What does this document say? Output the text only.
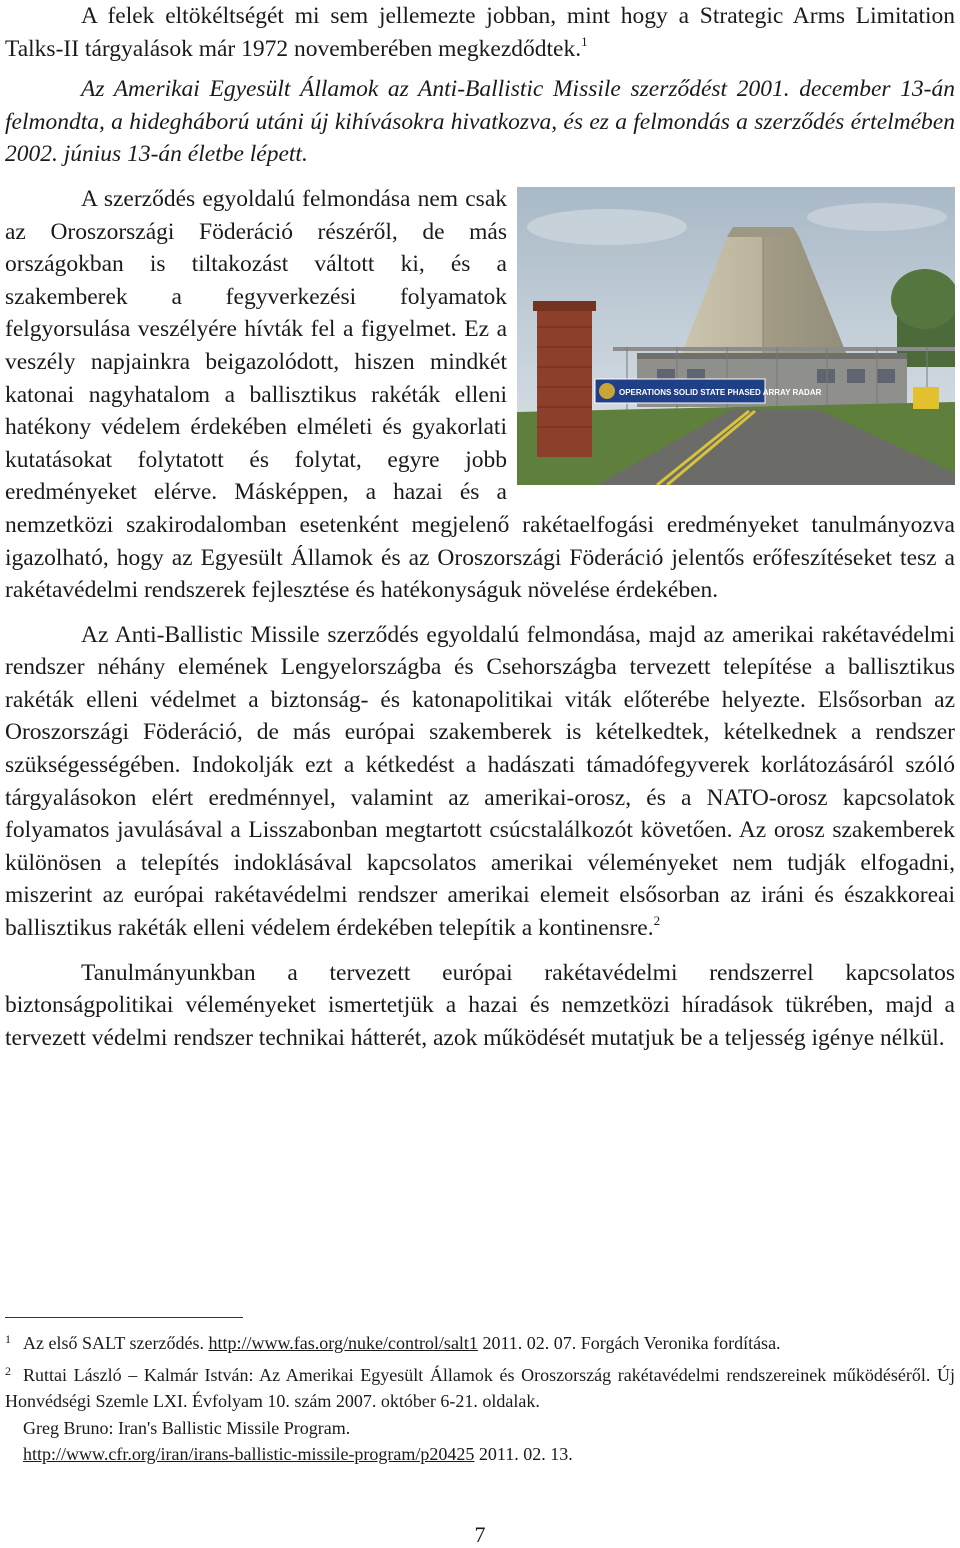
A felek eltökéltségét mi sem jellemezte jobban, mint hogy a Strategic Arms Limitation Talks-II tárgyalások már 1972 novemberében megkezdődtek.$^1$

Az Amerikai Egyesült Államok az Anti-Ballistic Missile szerződést 2001. december 13-án felmondta, a hidegháború utáni új kihívásokra hivatkozva, és ez a felmondás a szerződés értelmében 2002. június 13-án életbe lépett.

OPERATIONS SOLID STATE PHASED ARRAY RADAR
A szerződés egyoldalú felmondása nem csak az Oroszországi Föderáció részéről, de más országokban is tiltakozást váltott ki, és a szakemberek a fegyverkezési folyamatok felgyorsulása veszélyére hívták fel a figyelmet. Ez a veszély napjainkra beigazolódott, hiszen mindkét katonai nagyhatalom a ballisztikus rakéták elleni hatékony védelem érdekében elméleti és gyakorlati kutatásokat folytatott és folytat, egyre jobb eredményeket elérve. Másképpen, a hazai és a nemzetközi szakirodalomban esetenként megjelenő rakétaelfogási eredményeket tanulmányozva igazolható, hogy az Egyesült Államok és az Oroszországi Föderáció jelentős erőfeszítéseket tesz a rakétavédelmi rendszerek fejlesztése és hatékonyságuk növelése érdekében.

Az Anti-Ballistic Missile szerződés egyoldalú felmondása, majd az amerikai rakétavédelmi rendszer néhány elemének Lengyelországba és Csehországba tervezett telepítése a ballisztikus rakéták elleni védelmet a biztonság- és katonapolitikai viták előterébe helyezte. Elsősorban az Oroszországi Föderáció, de más európai szakemberek is kételkedtek, kételkednek a rendszer szükségességében. Indokolják ezt a kétkedést a hadászati támadófegyverek korlátozásáról szóló tárgyalásokon elért eredménnyel, valamint az amerikai-orosz, és a NATO-orosz kapcsolatok folyamatos javulásával a Lisszabonban megtartott csúcstalálkozót követően. Az orosz szakemberek különösen a telepítés indoklásával kapcsolatos amerikai véleményeket nem tudják elfogadni, miszerint az európai rakétavédelmi rendszer amerikai elemeit elsősorban az iráni és északkoreai ballisztikus rakéták elleni védelem érdekében telepítik a kontinensre.$^2$

Tanulmányunkban a tervezett európai rakétavédelmi rendszerrel kapcsolatos biztonságpolitikai véleményeket ismertetjük a hazai és nemzetközi híradások tükrében, majd a tervezett védelmi rendszer technikai hátterét, azok működését mutatjuk be a teljesség igénye nélkül.

1 Az első SALT szerződés. http://www.fas.org/nuke/control/salt1 2011. 02. 07. Forgách Veronika fordítása.
2 Ruttai László – Kalmár István: Az Amerikai Egyesült Államok és Oroszország rakétavédelmi rendszereinek működéséről. Új Honvédségi Szemle LXI. Évfolyam 10. szám 2007. október 6-21. oldalak.
Greg Bruno: Iran's Ballistic Missile Program.
http://www.cfr.org/iran/irans-ballistic-missile-program/p20425 2011. 02. 13.
7
